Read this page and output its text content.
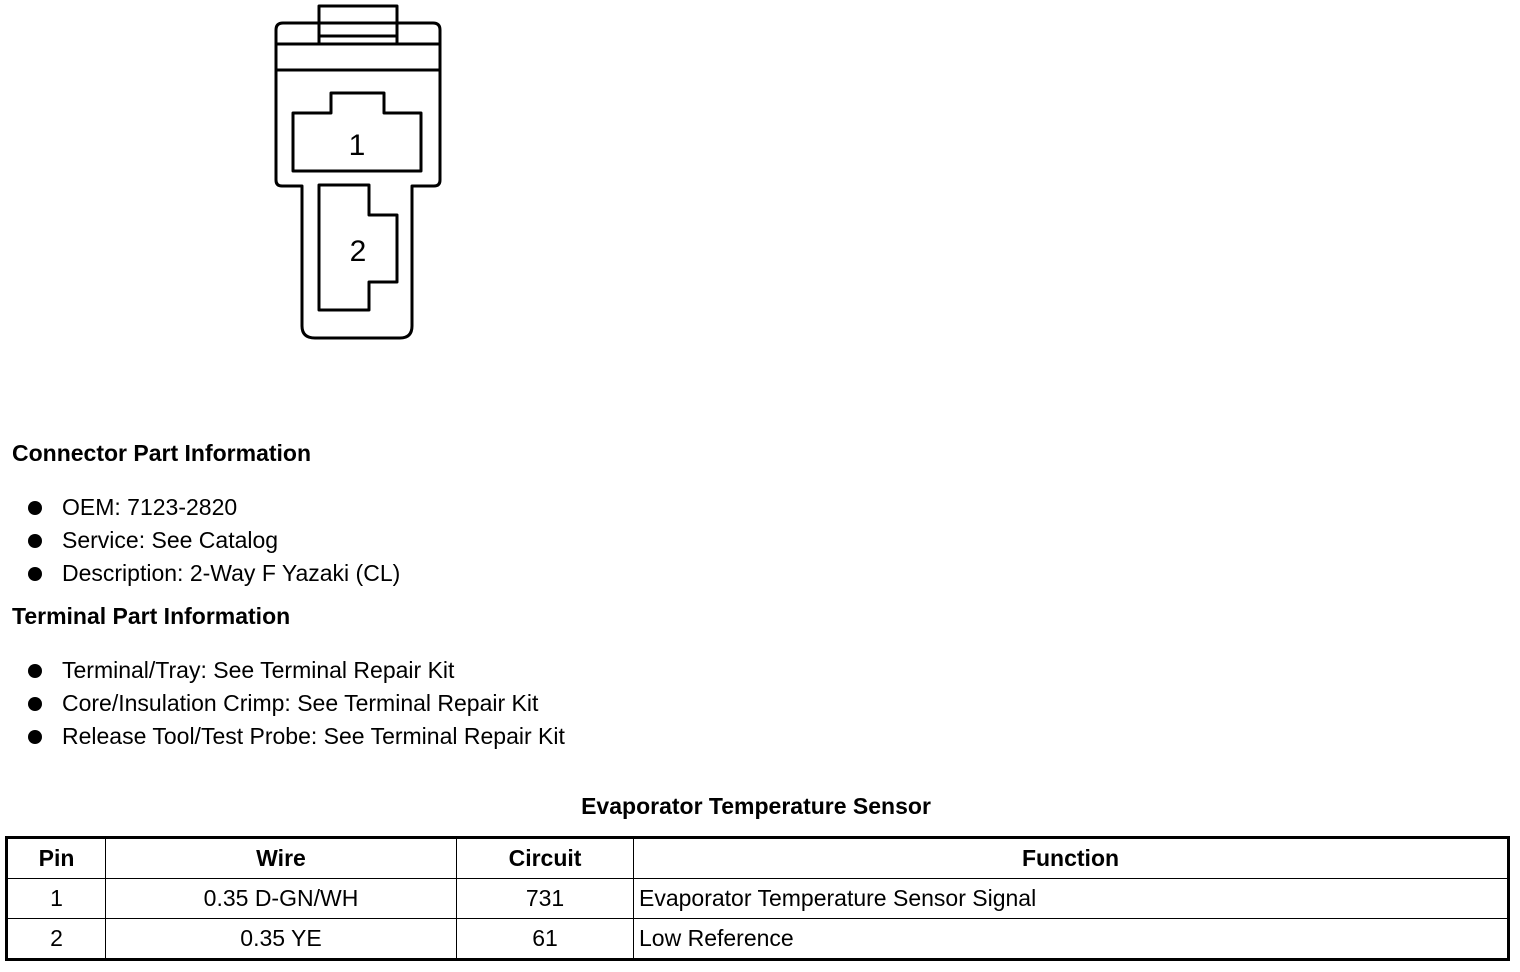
1
2
Connector Part Information
OEM: 7123-2820
Service: See Catalog
Description: 2-Way F Yazaki (CL)
Terminal Part Information
Terminal/Tray: See Terminal Repair Kit
Core/Insulation Crimp: See Terminal Repair Kit
Release Tool/Test Probe: See Terminal Repair Kit
Evaporator Temperature Sensor
Pin	Wire	Circuit	Function
1	0.35 D-GN/WH	731	Evaporator Temperature Sensor Signal
2	0.35 YE	61	Low Reference
